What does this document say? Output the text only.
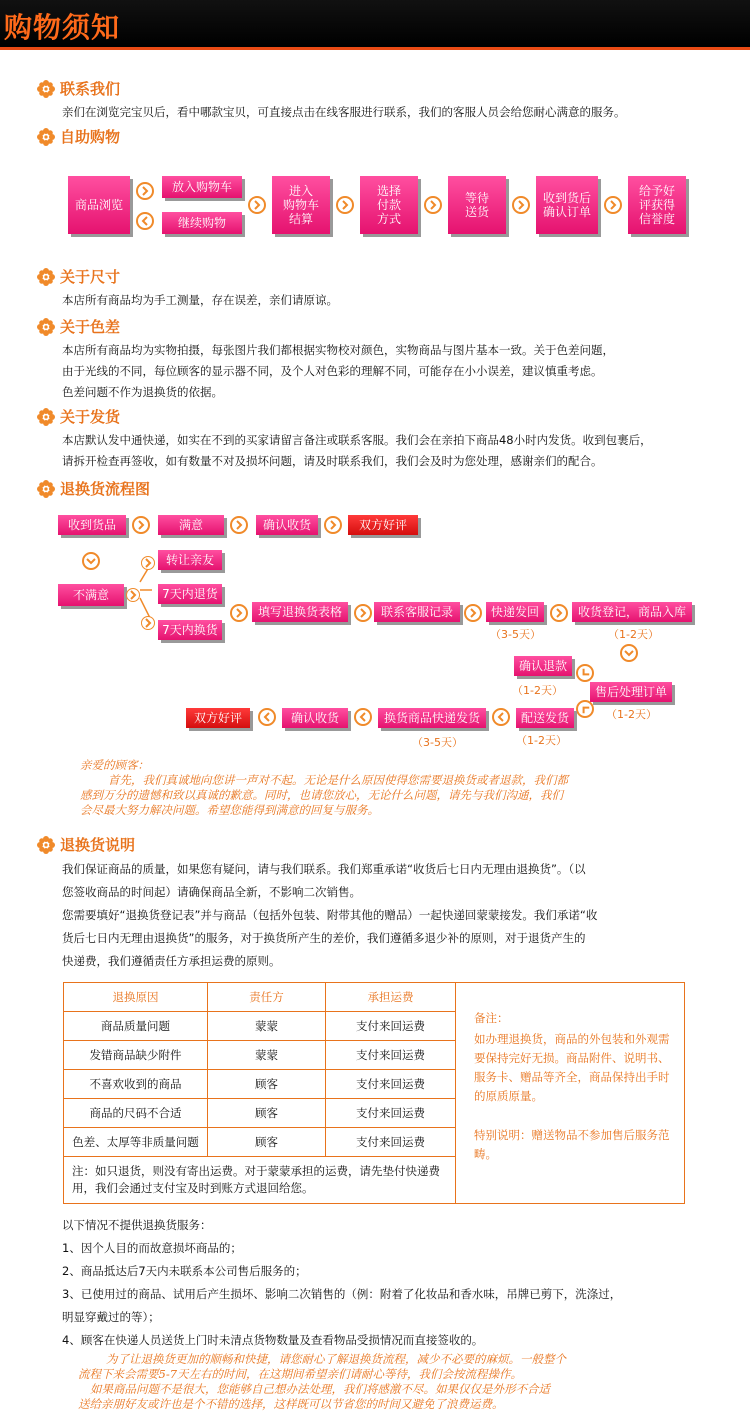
购物须知
联系我们
亲们在浏览完宝贝后，看中哪款宝贝，可直接点击在线客服进行联系，我们的客服人员会给您耐心满意的服务。
自助购物
商品浏览
放入购物车
继续购物
进入
购物车
结算
选择
付款
方式
等待
送货
收到货后
确认订单
给予好
评获得
信誉度
关于尺寸
本店所有商品均为手工测量，存在误差，亲们请原谅。
关于色差
本店所有商品均为实物拍摄，每张图片我们都根据实物校对颜色，实物商品与图片基本一致。关于色差问题，
由于光线的不同，每位顾客的显示器不同，及个人对色彩的理解不同，可能存在小小误差，建议慎重考虑。
色差问题不作为退换货的依据。
关于发货
本店默认发中通快递，如实在不到的买家请留言备注或联系客服。我们会在亲拍下商品48小时内发货。收到包裹后，
请拆开检查再签收，如有数量不对及损坏问题，请及时联系我们，我们会及时为您处理，感谢亲们的配合。
退换货流程图
收到货品	满意	确认收货	双方好评
不满意
转让亲友
7天内退货
7天内换货
填写退换货表格	联系客服记录	快递发回
（3-5天）
收货登记，商品入库
（1-2天）
确认退款
（1-2天）	售后处理订单
（1-2天）
双方好评	确认收货	换货商品快递发货
（3-5天）
配送发货
（1-2天）
亲爱的顾客：
首先，我们真诚地向您讲一声对不起。无论是什么原因使得您需要退换货或者退款，我们都
感到万分的遗憾和致以真诚的歉意。同时，也请您放心，无论什么问题，请先与我们沟通，我们
会尽最大努力解决问题。希望您能得到满意的回复与服务。
退换货说明
我们保证商品的质量，如果您有疑问，请与我们联系。我们郑重承诺“收货后七日内无理由退换货”。（以
您签收商品的时间起）请确保商品全新，不影响二次销售。
您需要填好“退换货登记表”并与商品（包括外包装、附带其他的赠品）一起快递回蒙蒙接发。我们承诺“收
货后七日内无理由退换货”的服务，对于换货所产生的差价，我们遵循多退少补的原则，对于退货产生的
快递费，我们遵循责任方承担运费的原则。
退换原因	责任方	承担运费	备注：
如办理退换货，商品的外包装和外观需要保持完好无损。商品附件、说明书、服务卡、赠品等齐全，商品保持出手时的原质原量。
特别说明：赠送物品不参加售后服务范畴。

商品质量问题	蒙蒙	支付来回运费	
发错商品缺少附件	蒙蒙	支付来回运费	
不喜欢收到的商品	顾客	支付来回运费	
商品的尺码不合适	顾客	支付来回运费	
色差、太厚等非质量问题	顾客	支付来回运费	
注：如只退货，则没有寄出运费。对于蒙蒙承担的运费，请先垫付快递费用，我们会通过支付宝及时到账方式退回给您。			
以下情况不提供退换货服务：
1、因个人目的而故意损坏商品的；
2、商品抵达后7天内未联系本公司售后服务的；
3、已使用过的商品、试用后产生损坏、影响二次销售的（例：附着了化妆品和香水味，吊牌已剪下，洗涤过，
明显穿戴过的等）；
4、顾客在快递人员送货上门时未清点货物数量及查看物品受损情况而直接签收的。
为了让退换货更加的顺畅和快捷，请您耐心了解退换货流程，减少不必要的麻烦。一般整个
流程下来会需要5-7天左右的时间，在这期间希望亲们请耐心等待，我们会按流程操作。
如果商品问题不是很大，您能够自己想办法处理，我们将感激不尽。如果仅仅是外形不合适
送给亲朋好友或许也是个不错的选择，这样既可以节省您的时间又避免了浪费运费。
